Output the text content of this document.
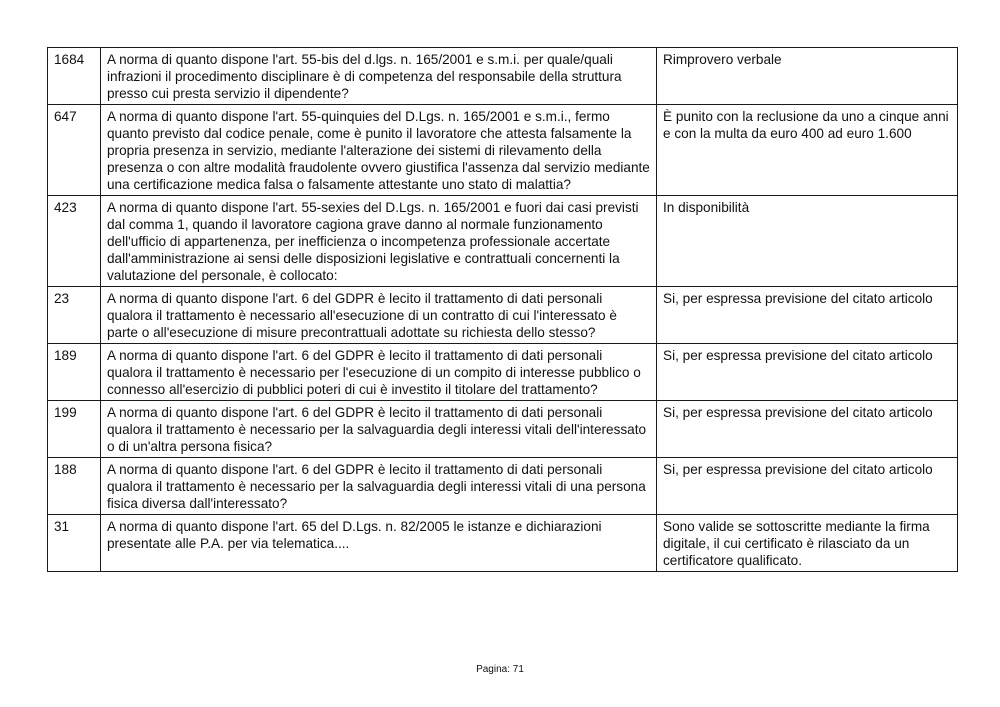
1684	A norma di quanto dispone l'art. 55-bis del d.lgs. n. 165/2001 e s.m.i. per quale/quali infrazioni il procedimento disciplinare è di competenza del responsabile della struttura presso cui presta servizio il dipendente?	Rimprovero verbale
647	A norma di quanto dispone l'art. 55-quinquies del D.Lgs. n. 165/2001 e s.m.i., fermo quanto previsto dal codice penale, come è punito il lavoratore che attesta falsamente la propria presenza in servizio, mediante l'alterazione dei sistemi di rilevamento della presenza o con altre modalità fraudolente ovvero giustifica l'assenza dal servizio mediante una certificazione medica falsa o falsamente attestante uno stato di malattia?	È punito con la reclusione da uno a cinque anni e con la multa da euro 400 ad euro 1.600
423	A norma di quanto dispone l'art. 55-sexies del D.Lgs. n. 165/2001 e fuori dai casi previsti dal comma 1, quando il lavoratore cagiona grave danno al normale funzionamento dell'ufficio di appartenenza, per inefficienza o incompetenza professionale accertate dall'amministrazione ai sensi delle disposizioni legislative e contrattuali concernenti la valutazione del personale, è collocato:	In disponibilità
23	A norma di quanto dispone l'art. 6 del GDPR è lecito il trattamento di dati personali qualora il trattamento è necessario all'esecuzione di un contratto di cui l'interessato è parte o all'esecuzione di misure precontrattuali adottate su richiesta dello stesso?	Si, per espressa previsione del citato articolo
189	A norma di quanto dispone l'art. 6 del GDPR è lecito il trattamento di dati personali qualora il trattamento è necessario per l'esecuzione di un compito di interesse pubblico o connesso all'esercizio di pubblici poteri di cui è investito il titolare del trattamento?	Si, per espressa previsione del citato articolo
199	A norma di quanto dispone l'art. 6 del GDPR è lecito il trattamento di dati personali qualora il trattamento è necessario per la salvaguardia degli interessi vitali dell'interessato o di un'altra persona fisica?	Si, per espressa previsione del citato articolo
188	A norma di quanto dispone l'art. 6 del GDPR è lecito il trattamento di dati personali qualora il trattamento è necessario per la salvaguardia degli interessi vitali di una persona fisica diversa dall'interessato?	Si, per espressa previsione del citato articolo
31	A norma di quanto dispone l'art. 65 del D.Lgs. n. 82/2005 le istanze e dichiarazioni presentate alle P.A. per via telematica....	Sono valide se sottoscritte mediante la firma digitale, il cui certificato è rilasciato da un certificatore qualificato.
Pagina: 71
